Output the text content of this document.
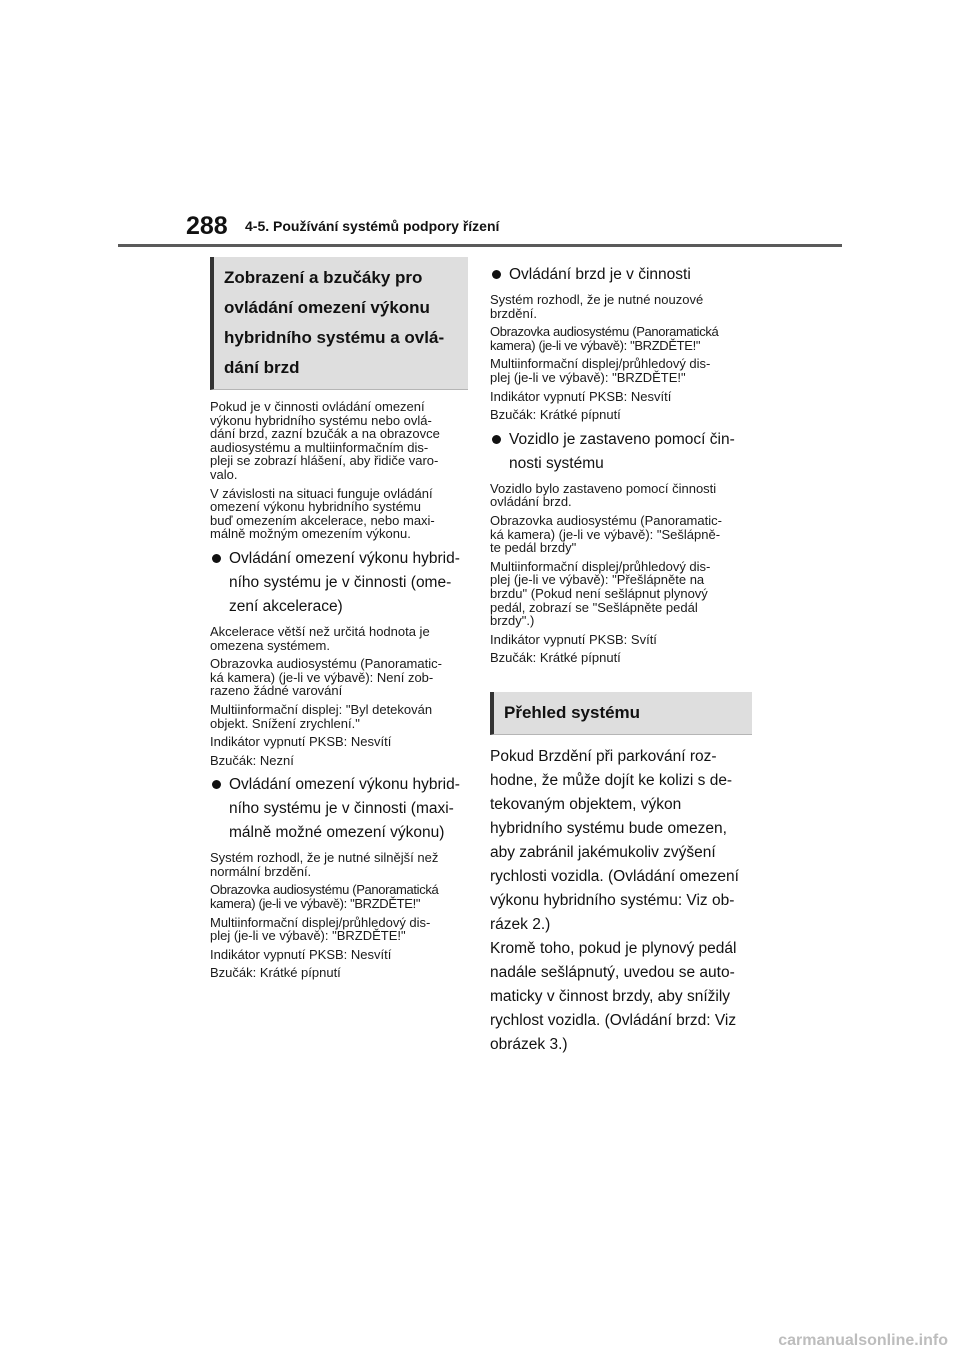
288 4-5. Používání systémů podpory řízení
Zobrazení a bzučáky pro
ovládání omezení výkonu
hybridního systému a ovlá-
dání brzd

Pokud je v činnosti ovládání omezení
výkonu hybridního systému nebo ovlá-
dání brzd, zazní bzučák a na obrazovce
audiosystému a multiinformačním dis-
pleji se zobrazí hlášení, aby řidiče varo-
valo.

V závislosti na situaci funguje ovládání
omezení výkonu hybridního systému
buď omezením akcelerace, nebo maxi-
málně možným omezením výkonu.

Ovládání omezení výkonu hybrid-
ního systému je v činnosti (ome-
zení akcelerace)

Akcelerace větší než určitá hodnota je
omezena systémem.

Obrazovka audiosystému (Panoramatic-
ká kamera) (je-li ve výbavě): Není zob-
razeno žádné varování

Multiinformační displej: "Byl detekován
objekt. Snížení zrychlení."

Indikátor vypnutí PKSB: Nesvítí

Bzučák: Nezní

Ovládání omezení výkonu hybrid-
ního systému je v činnosti (maxi-
málně možné omezení výkonu)

Systém rozhodl, že je nutné silnější než
normální brzdění.

Obrazovka audiosystému (Panoramatická
kamera) (je-li ve výbavě): "BRZDĚTE!"

Multiinformační displej/průhledový dis-
plej (je-li ve výbavě): "BRZDĚTE!"

Indikátor vypnutí PKSB: Nesvítí

Bzučák: Krátké pípnutí

Ovládání brzd je v činnosti

Systém rozhodl, že je nutné nouzové
brzdění.

Obrazovka audiosystému (Panoramatická
kamera) (je-li ve výbavě): "BRZDĚTE!"

Multiinformační displej/průhledový dis-
plej (je-li ve výbavě): "BRZDĚTE!"

Indikátor vypnutí PKSB: Nesvítí

Bzučák: Krátké pípnutí

Vozidlo je zastaveno pomocí čin-
nosti systému

Vozidlo bylo zastaveno pomocí činnosti
ovládání brzd.

Obrazovka audiosystému (Panoramatic-
ká kamera) (je-li ve výbavě): "Sešlápně-
te pedál brzdy"

Multiinformační displej/průhledový dis-
plej (je-li ve výbavě): "Přešlápněte na
brzdu" (Pokud není sešlápnut plynový
pedál, zobrazí se "Sešlápněte pedál
brzdy".)

Indikátor vypnutí PKSB: Svítí

Bzučák: Krátké pípnutí

Přehled systému

Pokud Brzdění při parkování roz-
hodne, že může dojít ke kolizi s de-
tekovaným objektem, výkon
hybridního systému bude omezen,
aby zabránil jakémukoliv zvýšení
rychlosti vozidla. (Ovládání omezení
výkonu hybridního systému: Viz ob-
rázek 2.)
Kromě toho, pokud je plynový pedál
nadále sešlápnutý, uvedou se auto-
maticky v činnost brzdy, aby snížily
rychlost vozidla. (Ovládání brzd: Viz
obrázek 3.)

carmanualsonline.info
